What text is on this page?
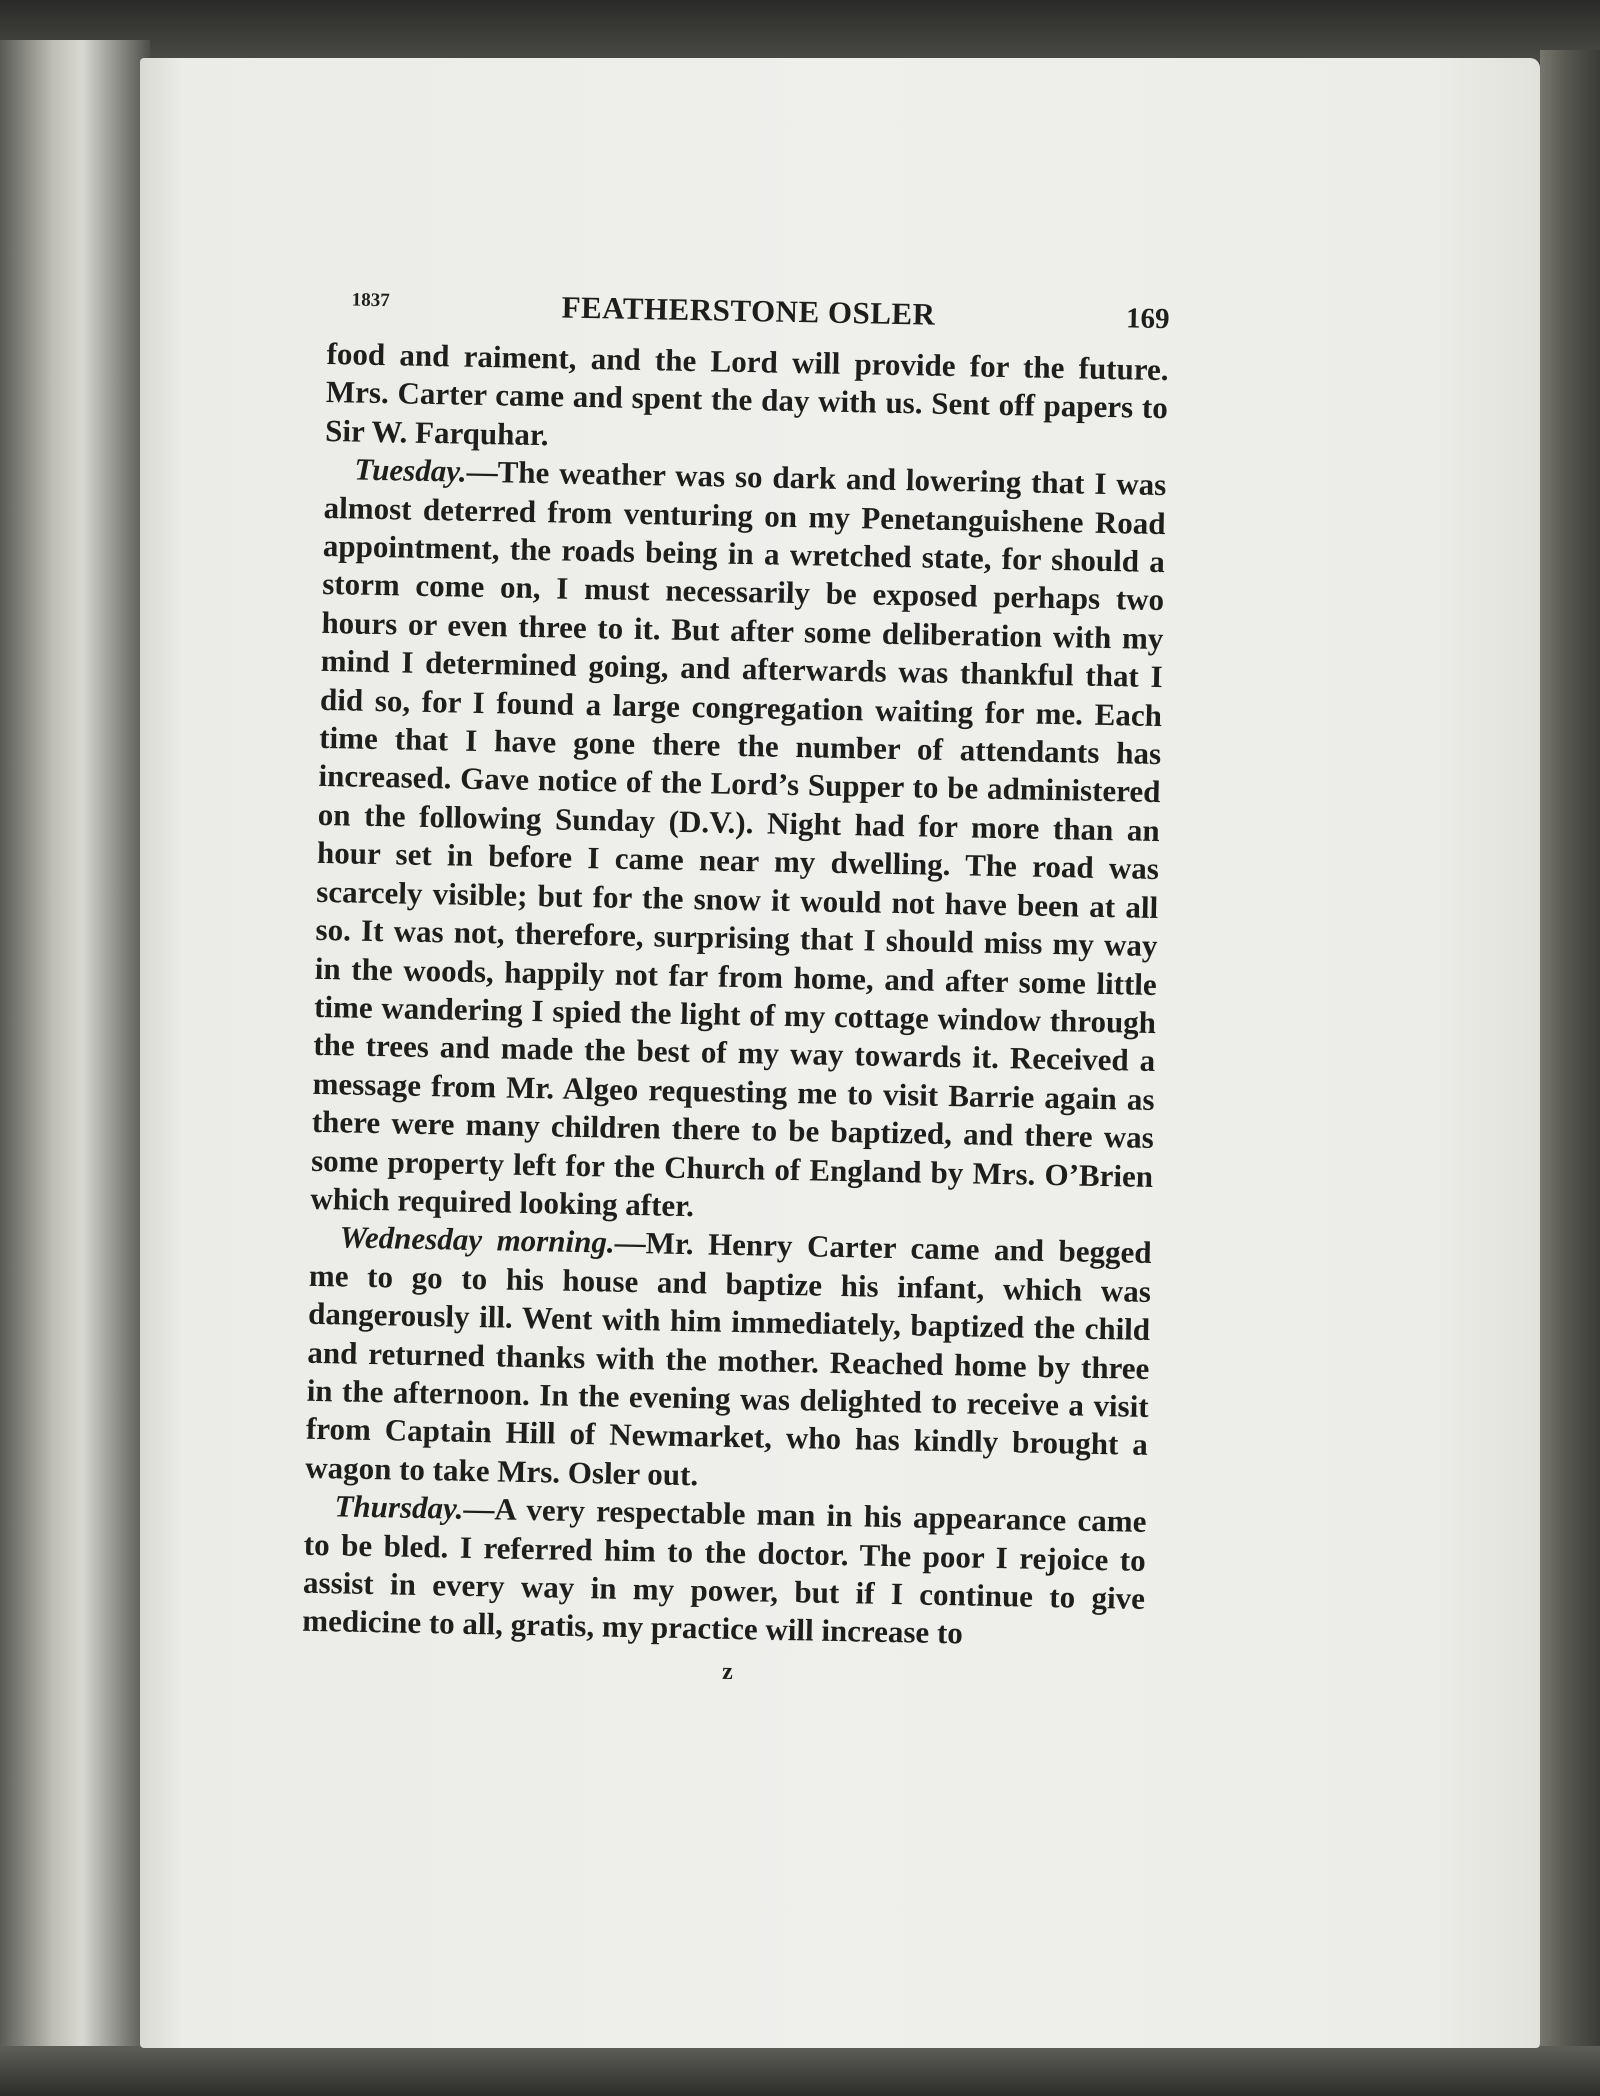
1837	FEATHERSTONE OSLER	169

food and raiment, and the Lord will provide for the future. Mrs. Carter came and spent the day with us. Sent off papers to Sir W. Farquhar.

Tuesday.—The weather was so dark and lowering that I was almost deterred from venturing on my Penetanguishene Road appointment, the roads being in a wretched state, for should a storm come on, I must necessarily be exposed perhaps two hours or even three to it. But after some deliberation with my mind I determined going, and afterwards was thankful that I did so, for I found a large congregation waiting for me. Each time that I have gone there the number of attendants has increased. Gave notice of the Lord’s Supper to be administered on the following Sunday (D.V.). Night had for more than an hour set in before I came near my dwelling. The road was scarcely visible; but for the snow it would not have been at all so. It was not, therefore, surprising that I should miss my way in the woods, happily not far from home, and after some little time wandering I spied the light of my cottage window through the trees and made the best of my way towards it. Received a message from Mr. Algeo requesting me to visit Barrie again as there were many children there to be baptized, and there was some property left for the Church of England by Mrs. O’Brien which required looking after.

Wednesday morning.—Mr. Henry Carter came and begged me to go to his house and baptize his infant, which was dangerously ill. Went with him immediately, baptized the child and returned thanks with the mother. Reached home by three in the afternoon. In the evening was delighted to receive a visit from Captain Hill of Newmarket, who has kindly brought a wagon to take Mrs. Osler out.

Thursday.—A very respectable man in his appearance came to be bled. I referred him to the doctor. The poor I rejoice to assist in every way in my power, but if I continue to give medicine to all, gratis, my practice will increase to

z
